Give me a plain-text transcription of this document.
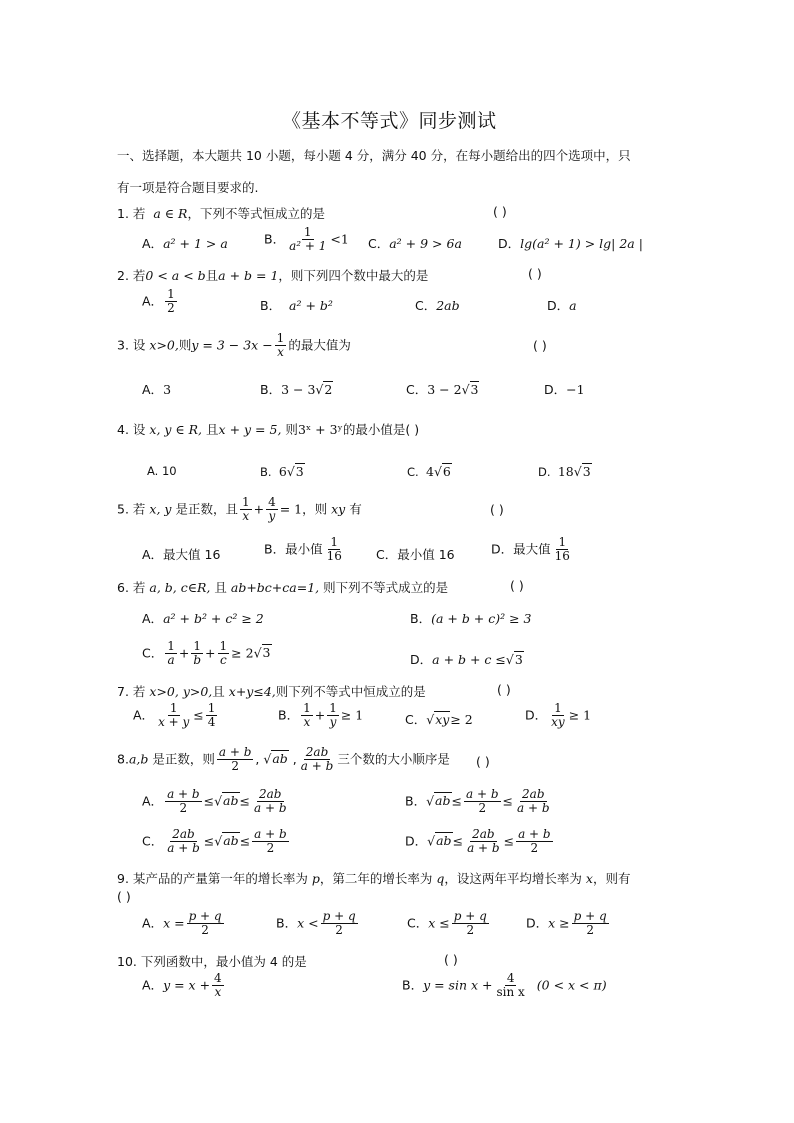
《基本不等式》同步测试
一、选择题，本大题共 10 小题，每小题 4 分，满分 40 分，在每小题给出的四个选项中，只
有一项是符合题目要求的.
1. 若 a ∈ R，下列不等式恒成立的是	( )
A．a² + 1 > a	B． $\frac{1}{\text{a² + 1}} <1$ C．a² + 9 > 6a	D．lg(a² + 1) > lg| 2a |
2. 若0 < a < b且a + b = 1，则下列四个数中最大的是	( )
A． $\frac{1}{2}$	B． a² + b²	C．2ab	D．a
3. 设 x>0,则$y = 3 - 3x - \frac{1}{x}$ 的最大值为	( )
A．3	B．3 − 3√2	C．3 − 2√3	D．−1
4. 设 x, y ∈ R, 且x + y = 5, 则3ˣ + 3ʸ的最小值是( )
A. 10	B. 6√3	C. 4√6	D. 18√3
5. 若 x, y 是正数，且 $\frac{1}{x} + \frac{4}{y} = 1$，则 xy 有	( )
A．最大值 16	B．最小值 $\frac{1}{16}$	C．最小值 16	D．最大值 $\frac{1}{16}$
6. 若 a, b, c∈R, 且 ab+bc+ca=1, 则下列不等式成立的是	( )
A．a² + b² + c² ≥ 2	B．(a + b + c)² ≥ 3
C． $\frac{1}{a} + \frac{1}{b} + \frac{1}{c} \ge 2√3$	D．a + b + c ≤√3
7. 若 x>0, y>0,且 x+y≤4,则下列不等式中恒成立的是	( )
A． $\frac{1}{x + y} \le \frac{1}{4}$	B． $\frac{1}{x} + \frac{1}{y} \ge 1$	C．√xy≥ 2	D． $\frac{1}{xy} \ge 1$
8.a,b 是正数，则 $\frac{a + b}{2}$ , √ab , $\frac{2ab}{a + b}$ 三个数的大小顺序是 ( )
A． $\frac{a + b}{2} \le√ab\le \frac{2ab}{a + b}$	B．$√ab\le \frac{a + b}{2} \le \frac{2ab}{a + b}$
C． $\frac{2ab}{a + b} \le√ab\le \frac{a + b}{2}$	D．$√ab\le \frac{2ab}{a + b} \le \frac{a + b}{2}$
9. 某产品的产量第一年的增长率为 p，第二年的增长率为 q，设这两年平均增长率为 x，则有
( )
A．$x = \frac{p + q}{2}$	B．$x < \frac{p + q}{2}$	C．$x \le \frac{p + q}{2}$	D．$x \ge \frac{p + q}{2}$
10. 下列函数中，最小值为 4 的是	( )
A．$y = x + \frac{4}{x}$	B．$y = \sin x + \frac{4}{\text{sin x}} (0 < x < \pi)$
